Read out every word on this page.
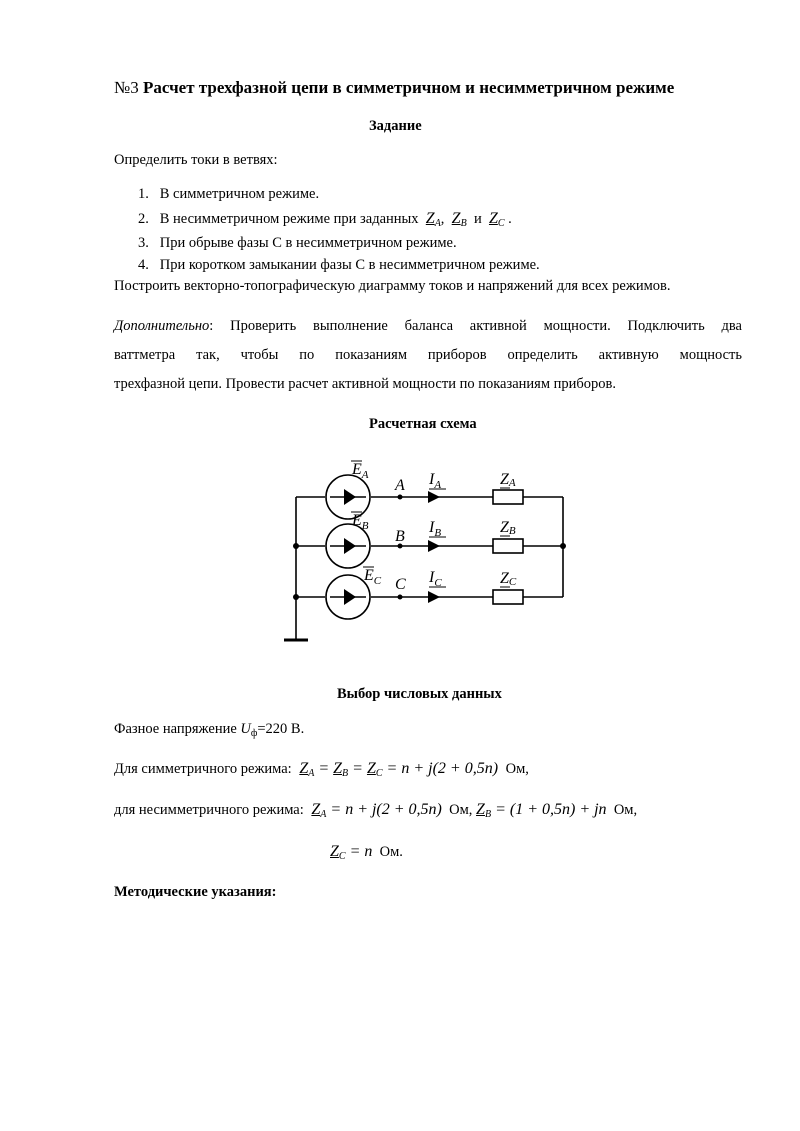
№3 Расчет трехфазной цепи в симметричном и несимметричном режиме
Задание
Определить токи в ветвях:
1. В симметричном режиме.
2. В несимметричном режиме при заданных $Z_A$, $Z_B$ и $Z_C$ .
3. При обрыве фазы С в несимметричном режиме.
4. При коротком замыкании фазы С в несимметричном режиме.
Построить векторно-топографическую диаграмму токов и напряжений для всех режимов.
Дополнительно: Проверить выполнение баланса активной мощности. Подключить два
ваттметра так, чтобы по показаниям приборов определить активную мощность
трехфазной цепи. Провести расчет активной мощности по показаниям приборов.
Расчетная схема
$E_A$
A $I_A$	ZA
$E_B$
B
$I_B$	ZB
$E_C$ C $I_C$	ZC
Выбор числовых данных
Фазное напряжение $U_ф=220$ В.
Для симметричного режима: $Z_A = Z_B = Z_C = n + j(2 + 0,5n)$ Ом,
для несимметричного режима: $Z_A = n + j(2 + 0,5n)$ Ом, $Z_B = (1 + 0,5n)$ + jn Ом,
$Z_C = n$ Ом.
Методические указания:
